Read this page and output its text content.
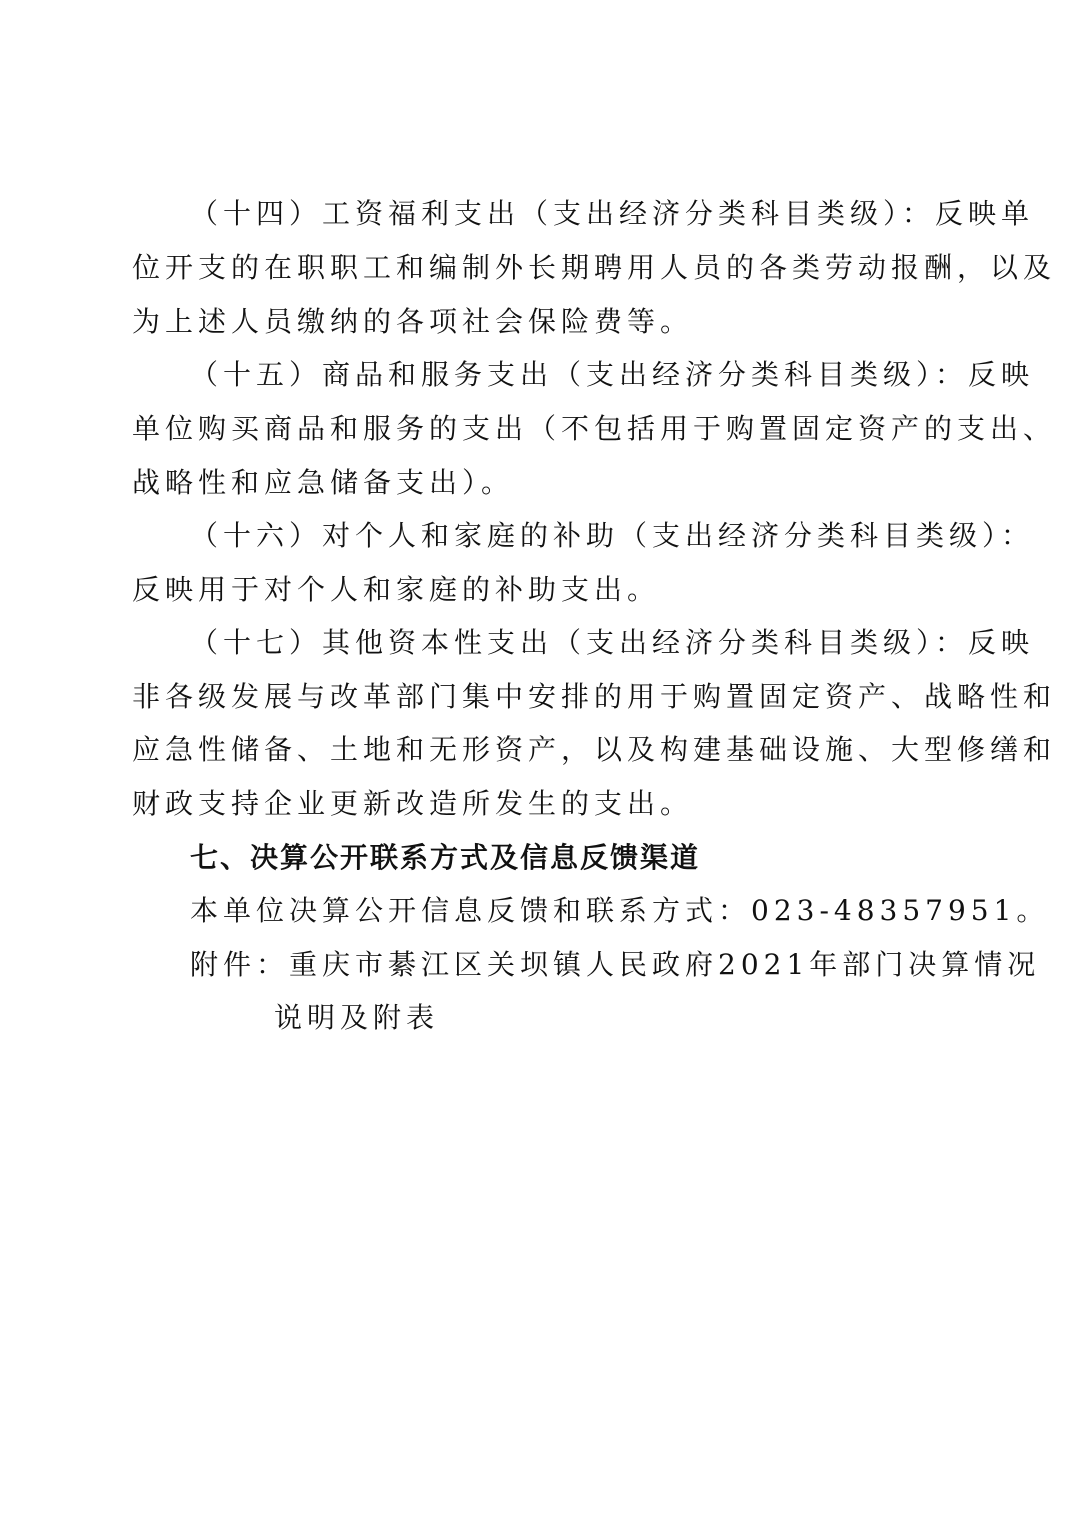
（十四）工资福利支出（支出经济分类科目类级）：反映单
位开支的在职职工和编制外长期聘用人员的各类劳动报酬，以及
为上述人员缴纳的各项社会保险费等。
（十五）商品和服务支出（支出经济分类科目类级）：反映
单位购买商品和服务的支出（不包括用于购置固定资产的支出、
战略性和应急储备支出）。
（十六）对个人和家庭的补助（支出经济分类科目类级）：
反映用于对个人和家庭的补助支出。
（十七）其他资本性支出（支出经济分类科目类级）：反映
非各级发展与改革部门集中安排的用于购置固定资产、战略性和
应急性储备、土地和无形资产，以及构建基础设施、大型修缮和
财政支持企业更新改造所发生的支出。
七、决算公开联系方式及信息反馈渠道
本单位决算公开信息反馈和联系方式：023-48357951。
附件：重庆市綦江区关坝镇人民政府2021年部门决算情况
说明及附表
